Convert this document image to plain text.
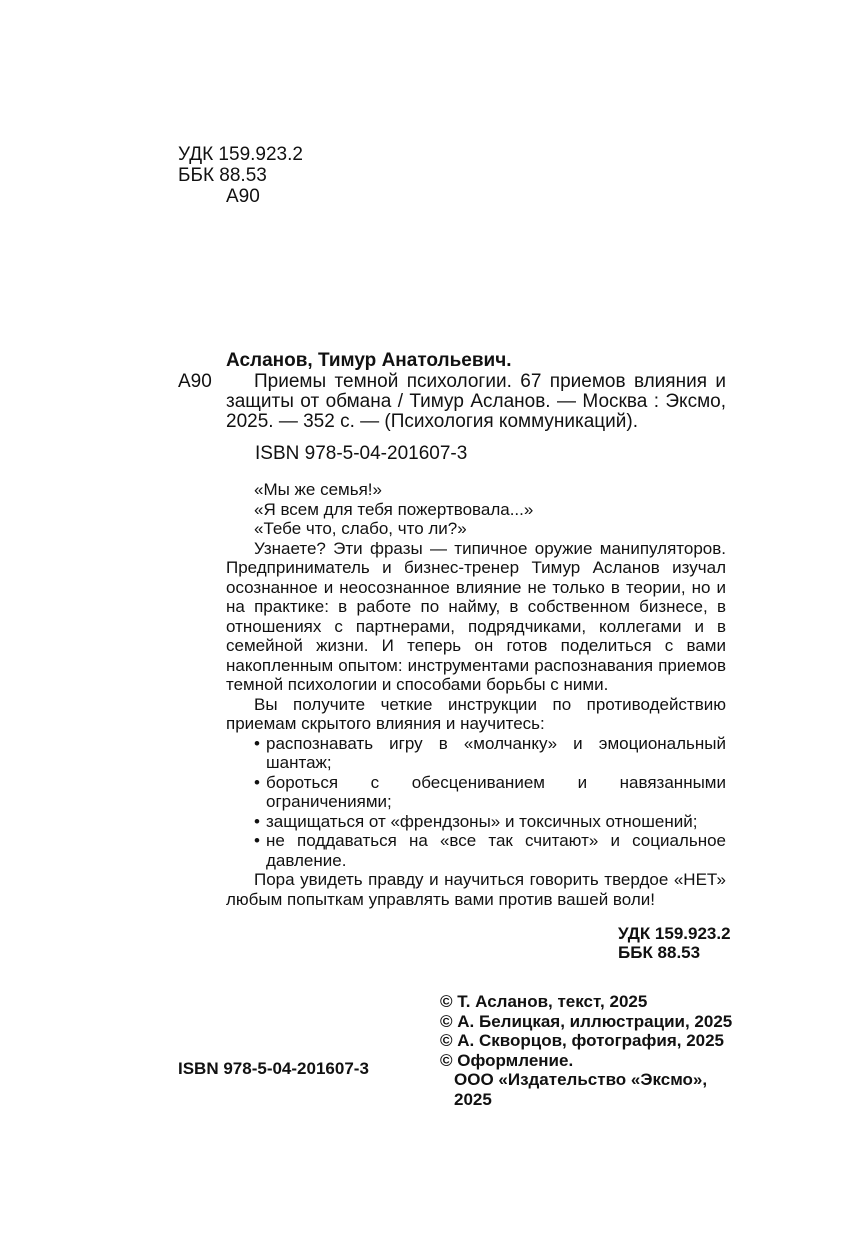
УДК 159.923.2
ББК 88.53
А90
Асланов, Тимур Анатольевич.
А90	Приемы темной психологии. 67 приемов влияния и защиты от обмана / Тимур Асланов. — Москва : Эксмо, 2025. — 352 с. — (Психология коммуникаций).

ISBN 978-5-04-201607-3

«Мы же семья!»

«Я всем для тебя пожертвовала...»

«Тебе что, слабо, что ли?»

Узнаете? Эти фразы — типичное оружие манипуляторов. Предприниматель и бизнес-тренер Тимур Асланов изучал осознанное и неосознанное влияние не только в теории, но и на практике: в работе по найму, в собственном бизнесе, в отношениях с партнерами, подрядчиками, коллегами и в семейной жизни. И теперь он готов поделиться с вами накопленным опытом: инструментами распознавания приемов темной психологии и способами борьбы с ними.

Вы получите четкие инструкции по противодействию приемам скрытого влияния и научитесь:

• распознавать игру в «молчанку» и эмоциональный шантаж;

• бороться с обесцениванием и навязанными ограничениями;

• защищаться от «френдзоны» и токсичных отношений;

• не поддаваться на «все так считают» и социальное давление.

Пора увидеть правду и научиться говорить твердое «НЕТ» любым попыткам управлять вами против вашей воли!

УДК 159.923.2
ББК 88.53
© Т. Асланов, текст, 2025
© А. Белицкая, иллюстрации, 2025
© А. Скворцов, фотография, 2025
© Оформление.
ООО «Издательство «Эксмо», 2025
ISBN 978-5-04-201607-3
